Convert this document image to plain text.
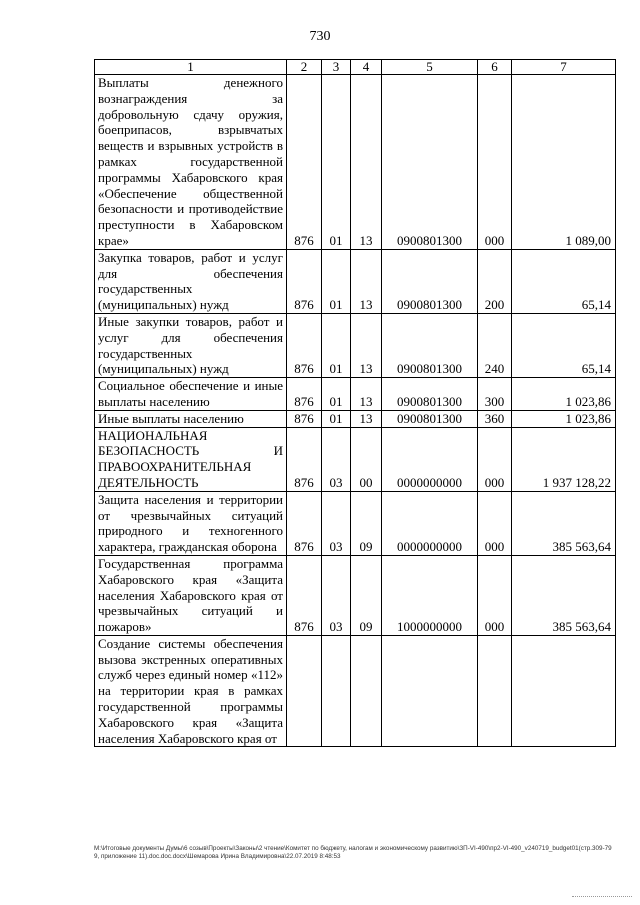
730
1	2	3	4	5	6	7
Выплаты денежного вознаграждения за добровольную сдачу оружия, боеприпасов, взрывчатых веществ и взрывных устройств в рамках государственной программы Хабаровского края «Обеспечение общественной безопасности и противодействие преступности в Хабаровском крае»	876	01	13	0900801300	000	1 089,00
Закупка товаров, работ и услуг для обеспечения государственных (муниципальных) нужд	876	01	13	0900801300	200	65,14
Иные закупки товаров, работ и услуг для обеспечения государственных (муниципальных) нужд	876	01	13	0900801300	240	65,14
Социальное обеспечение и иные выплаты населению	876	01	13	0900801300	300	1 023,86
Иные выплаты населению	876	01	13	0900801300	360	1 023,86
НАЦИОНАЛЬНАЯ БЕЗОПАСНОСТЬ И ПРАВООХРАНИТЕЛЬНАЯ ДЕЯТЕЛЬНОСТЬ	876	03	00	0000000000	000	1 937 128,22
Защита населения и территории от чрезвычайных ситуаций природного и техногенного характера, гражданская оборона	876	03	09	0000000000	000	385 563,64
Государственная программа Хабаровского края «Защита населения Хабаровского края от чрезвычайных ситуаций и пожаров»	876	03	09	1000000000	000	385 563,64
Создание системы обеспечения вызова экстренных оперативных служб через единый номер «112» на территории края в рамках государственной программы Хабаровского края «Защита населения Хабаровского края от						
M:\Итоговые документы Думы\6 созыв\Проекты\Законы\2 чтение\Комитет по бюджету, налогам и экономическому развитию\ЗП-VI-490\пр2-VI-490_v240719_budget01(стр.309-799, приложение 11).doc.doc.docx\Шемарова Ирина Владимировна\22.07.2019 8:48:53
